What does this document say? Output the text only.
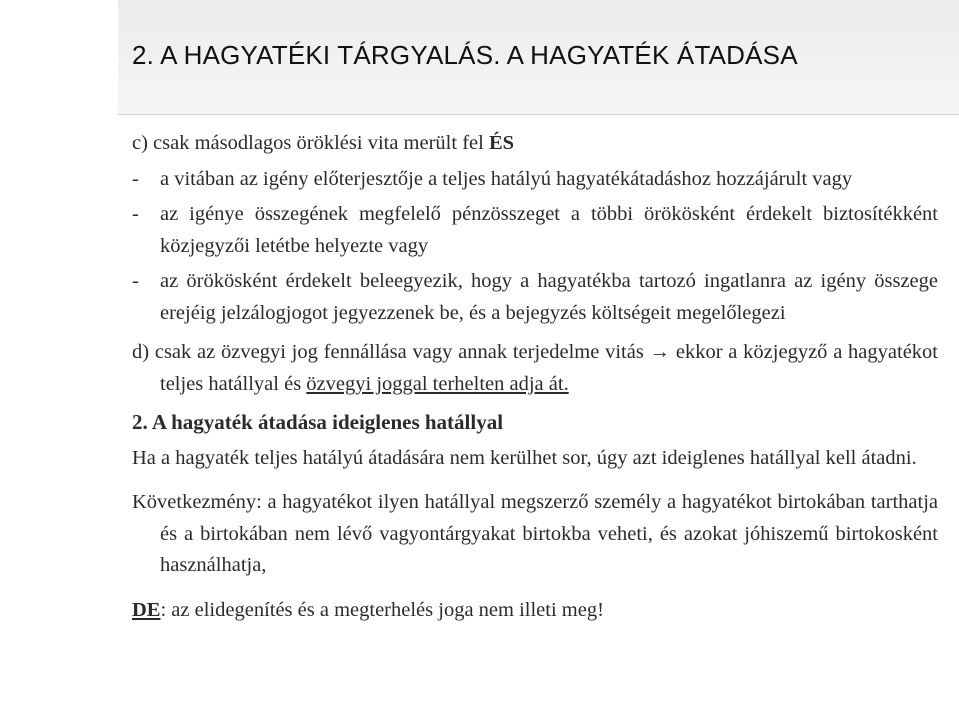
2. A HAGYATÉKI TÁRGYALÁS. A HAGYATÉK ÁTADÁSA

c) csak másodlagos öröklési vita merült fel ÉS

- a vitában az igény előterjesztője a teljes hatályú hagyatékátadáshoz hozzájárult vagy

- az igénye összegének megfelelő pénzösszeget a többi örökösként érdekelt biztosítékként közjegyzői letétbe helyezte vagy

- az örökösként érdekelt beleegyezik, hogy a hagyatékba tartozó ingatlanra az igény összege erejéig jelzálogjogot jegyezzenek be, és a bejegyzés költségeit megelőlegezi

d) csak az özvegyi jog fennállása vagy annak terjedelme vitás → ekkor a közjegyző a hagyatékot teljes hatállyal és özvegyi joggal terhelten adja át.

2. A hagyaték átadása ideiglenes hatállyal

Ha a hagyaték teljes hatályú átadására nem kerülhet sor, úgy azt ideiglenes hatállyal kell átadni.

Következmény: a hagyatékot ilyen hatállyal megszerző személy a hagyatékot birtokában tarthatja és a birtokában nem lévő vagyontárgyakat birtokba veheti, és azokat jóhiszemű birtokosként használhatja,

DE: az elidegenítés és a megterhelés joga nem illeti meg!
